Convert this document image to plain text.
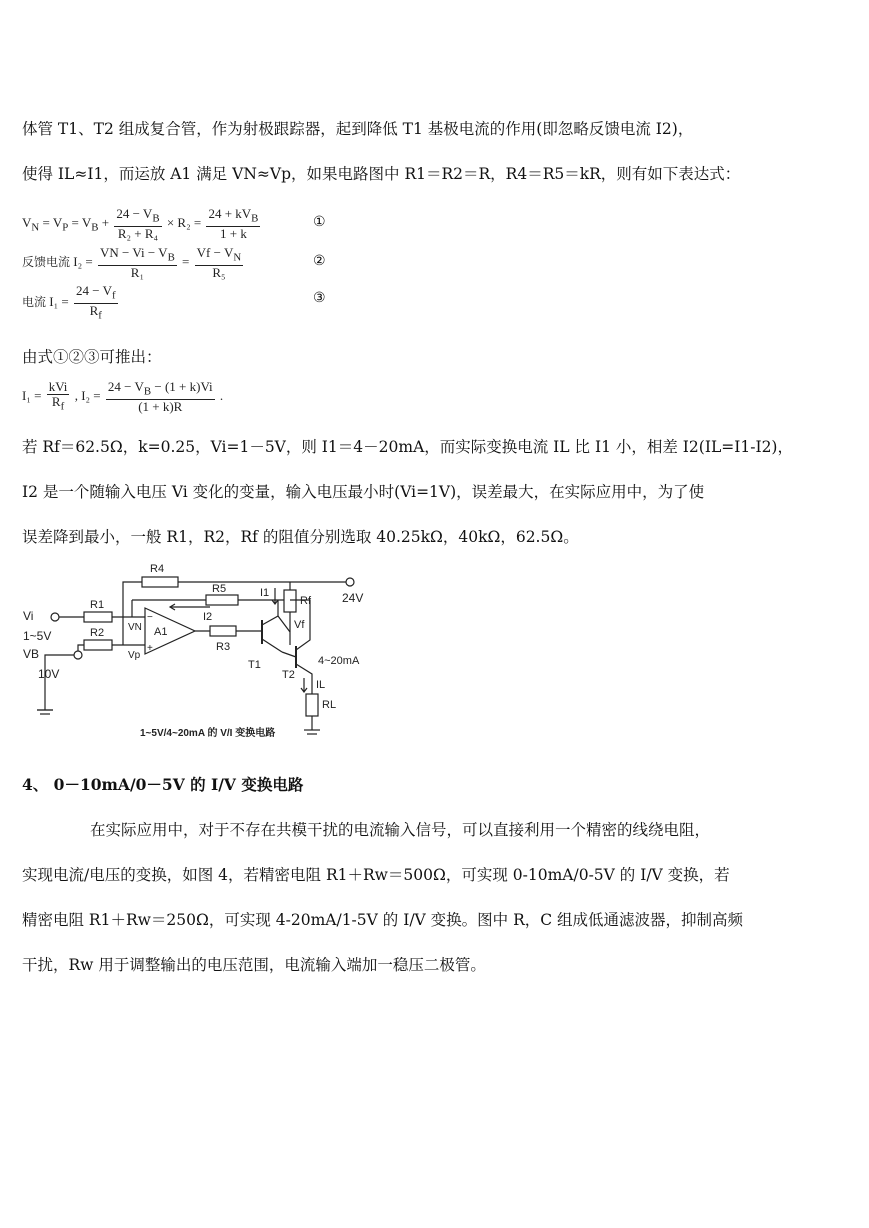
体管 T1、T2 组成复合管，作为射极跟踪器，起到降低 T1 基极电流的作用(即忽略反馈电流 I2)，
使得 IL≈I1，而运放 A1 满足 VN≈Vp，如果电路图中 R1＝R2＝R，R4＝R5＝kR，则有如下表达式：
$V_N = V_P = V_B + \frac{24 - V_B}{\text{R₂ + R₄}} \times R_2 = \frac{24 + kV_B}{1 + k}$	①
反馈电流 $I_2 = \frac{VN - Vi - V_B}{\text{R₁}} = \frac{Vf - V_N}{\text{R₅}}$	②
电流 $I_1 = \frac{24 - V_f}{R_f}$	③
由式①②③可推出：
$I_1 = \frac{\text{kVi}}{R_f}$ , $I_2 = \frac{24 - V_B - (1 + k)Vi}{(1 + k)R}$ .
若 Rf＝62.5Ω，k=0.25，Vi=1－5V，则 I1＝4－20mA，而实际变换电流 IL 比 I1 小，相差 I2(IL=I1-I2)，
I2 是一个随输入电压 Vi 变化的变量，输入电压最小时(Vi=1V)，误差最大，在实际应用中，为了使
误差降到最小，一般 R1，R2，Rf 的阻值分别选取 40.25kΩ，40kΩ，62.5Ω。
R4
24V
R5
Rf
I1
I2
Vi
1~5V
R1
VN
VB
10V
R2
Vp
A1
−
+	R3
T1
Vf
T2
4~20mA
IL
RL
1~5V/4~20mA 的 V/I 变换电路
4、 0－10mA/0－5V 的 I/V 变换电路
在实际应用中，对于不存在共模干扰的电流输入信号，可以直接利用一个精密的线绕电阻，
实现电流/电压的变换，如图 4，若精密电阻 R1＋Rw＝500Ω，可实现 0-10mA/0-5V 的 I/V 变换，若
精密电阻 R1＋Rw＝250Ω，可实现 4-20mA/1-5V 的 I/V 变换。图中 R，C 组成低通滤波器，抑制高频
干扰，Rw 用于调整输出的电压范围，电流输入端加一稳压二极管。
